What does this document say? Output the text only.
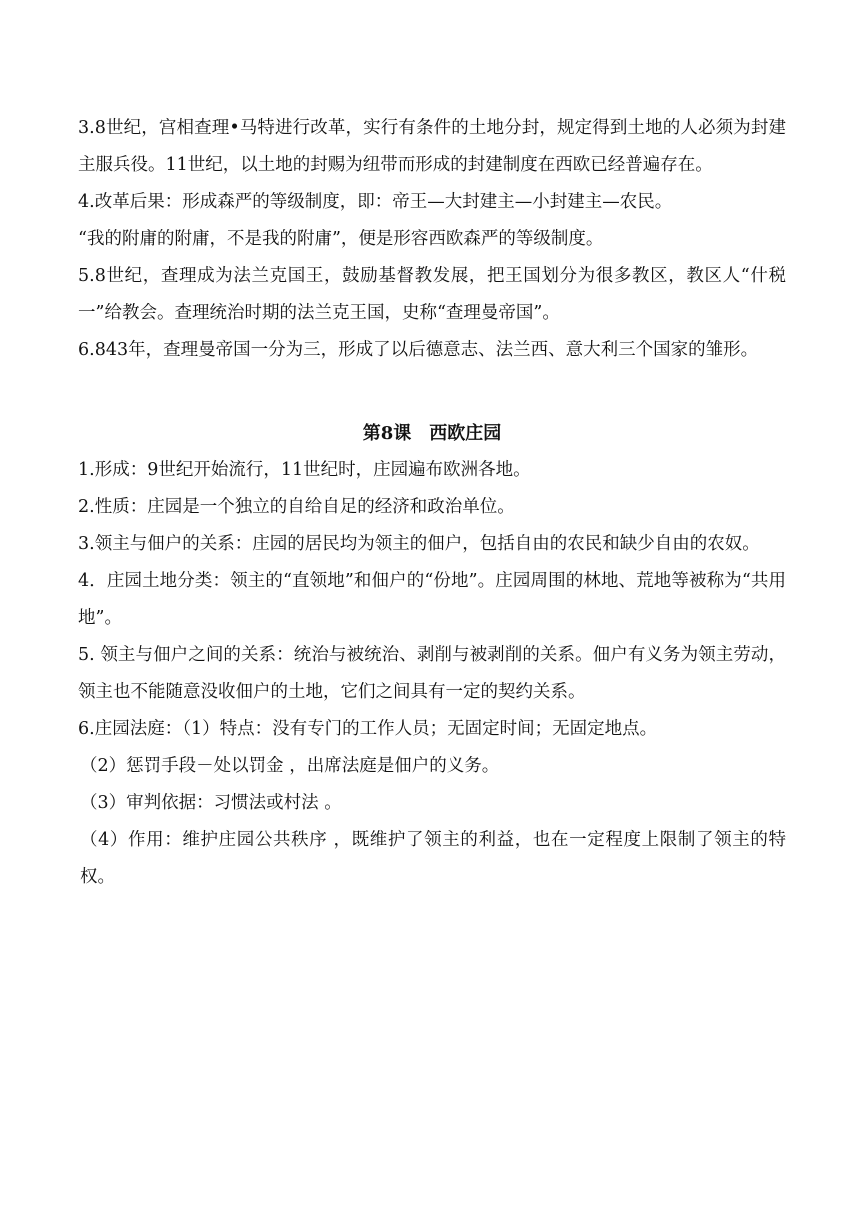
3.8世纪，宫相查理•马特进行改革，实行有条件的土地分封，规定得到土地的人必须为封建主服兵役。11世纪，以土地的封赐为纽带而形成的封建制度在西欧已经普遍存在。

4.改革后果：形成森严的等级制度，即：帝王—大封建主—小封建主—农民。

“我的附庸的附庸，不是我的附庸”，便是形容西欧森严的等级制度。

5.8世纪，查理成为法兰克国王，鼓励基督教发展，把王国划分为很多教区，教区人“什税一”给教会。查理统治时期的法兰克王国，史称“查理曼帝国”。

6.843年，查理曼帝国一分为三，形成了以后德意志、法兰西、意大利三个国家的雏形。

第8课　西欧庄园

1.形成：9世纪开始流行，11世纪时，庄园遍布欧洲各地。

2.性质：庄园是一个独立的自给自足的经济和政治单位。

3.领主与佃户的关系：庄园的居民均为领主的佃户，包括自由的农民和缺少自由的农奴。

4．庄园土地分类：领主的“直领地”和佃户的“份地”。庄园周围的林地、荒地等被称为“共用地”。

5. 领主与佃户之间的关系：统治与被统治、剥削与被剥削的关系。佃户有义务为领主劳动，领主也不能随意没收佃户的土地，它们之间具有一定的契约关系。

6.庄园法庭：（1）特点：没有专门的工作人员；无固定时间；无固定地点。

（2）惩罚手段－处以罚金 ，出席法庭是佃户的义务。

（3）审判依据：习惯法或村法 。

（4）作用：维护庄园公共秩序 ，既维护了领主的利益，也在一定程度上限制了领主的特权。
